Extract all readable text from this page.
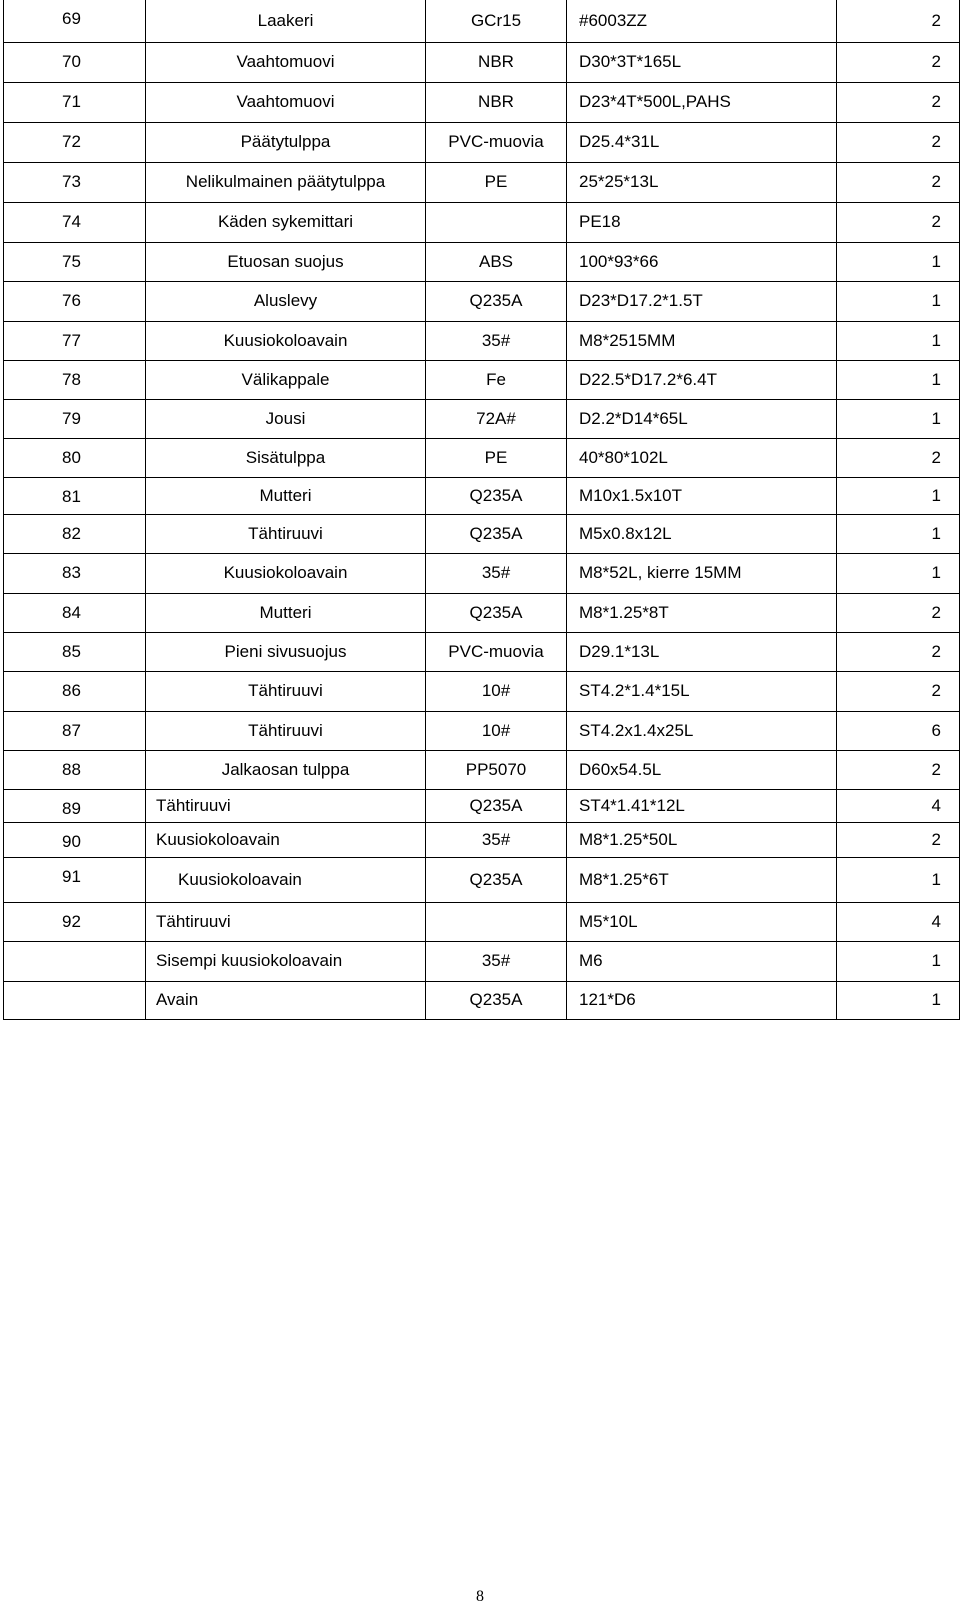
69	Laakeri	GCr15	#6003ZZ	2
70	Vaahtomuovi	NBR	D30*3T*165L	2
71	Vaahtomuovi	NBR	D23*4T*500L,PAHS	2
72	Päätytulppa	PVC-muovia	D25.4*31L	2
73	Nelikulmainen päätytulppa	PE	25*25*13L	2
74	Käden sykemittari		PE18	2
75	Etuosan suojus	ABS	100*93*66	1
76	Aluslevy	Q235A	D23*D17.2*1.5T	1
77	Kuusiokoloavain	35#	M8*2515MM	1
78	Välikappale	Fe	D22.5*D17.2*6.4T	1
79	Jousi	72A#	D2.2*D14*65L	1
80	Sisätulppa	PE	40*80*102L	2
81	Mutteri	Q235A	M10x1.5x10T	1
82	Tähtiruuvi	Q235A	M5x0.8x12L	1
83	Kuusiokoloavain	35#	M8*52L, kierre 15MM	1
84	Mutteri	Q235A	M8*1.25*8T	2
85	Pieni sivusuojus	PVC-muovia	D29.1*13L	2
86	Tähtiruuvi	10#	ST4.2*1.4*15L	2
87	Tähtiruuvi	10#	ST4.2x1.4x25L	6
88	Jalkaosan tulppa	PP5070	D60x54.5L	2
89	Tähtiruuvi	Q235A	ST4*1.41*12L	4
90	Kuusiokoloavain	35#	M8*1.25*50L	2
91	Kuusiokoloavain	Q235A	M8*1.25*6T	1
92	Tähtiruuvi		M5*10L	4
	Sisempi kuusiokoloavain	35#	M6	1
	Avain	Q235A	121*D6	1
8
